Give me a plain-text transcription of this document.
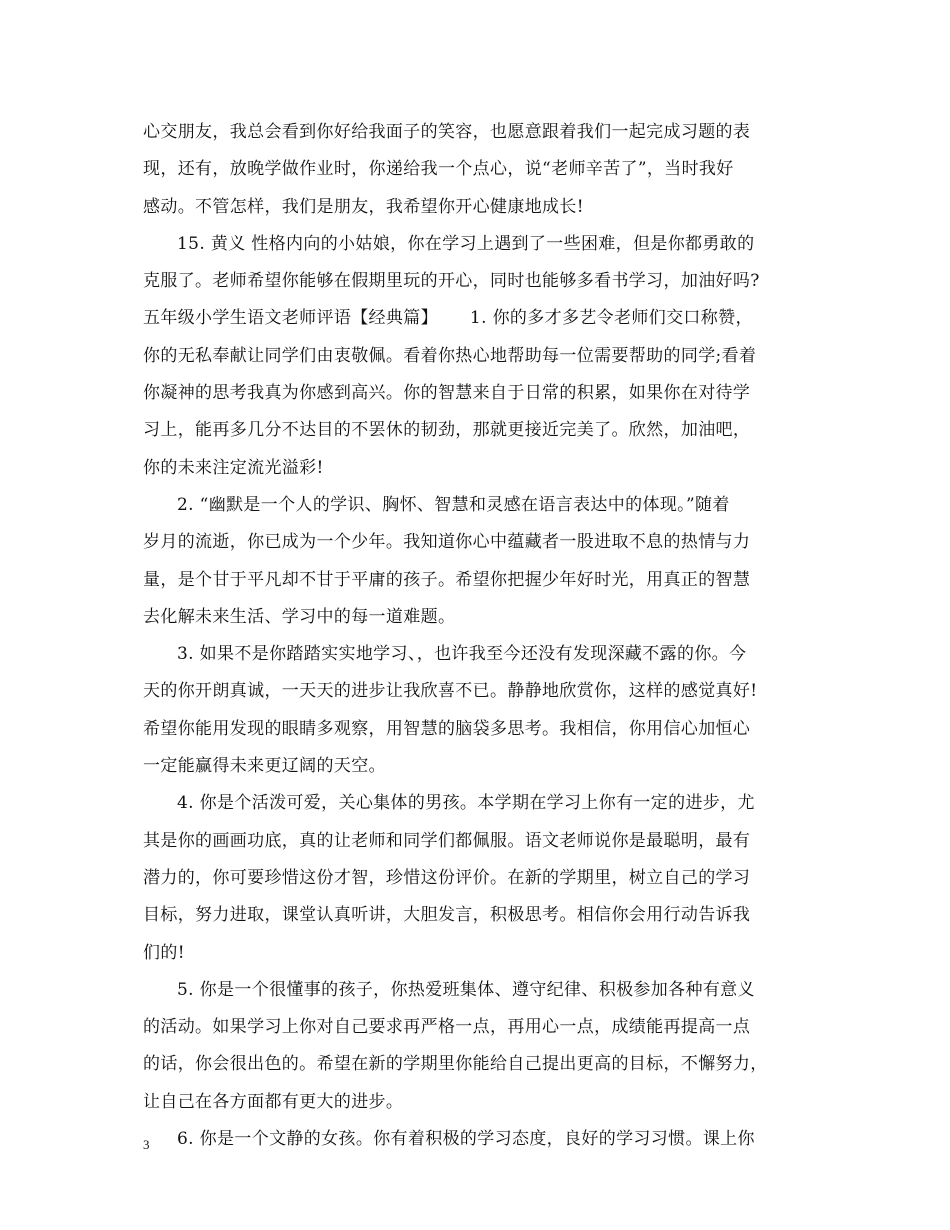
心交朋友，我总会看到你好给我面子的笑容，也愿意跟着我们一起完成习题的表
现，还有，放晚学做作业时，你递给我一个点心，说“老师辛苦了”，当时我好
感动。不管怎样，我们是朋友，我希望你开心健康地成长!
15. 黄义 性格内向的小姑娘，你在学习上遇到了一些困难，但是你都勇敢的
克服了。老师希望你能够在假期里玩的开心，同时也能够多看书学习，加油好吗?
五年级小学生语文老师评语【经典篇】　　 1. 你的多才多艺令老师们交口称赞，
你的无私奉献让同学们由衷敬佩。看着你热心地帮助每一位需要帮助的同学;看着
你凝神的思考我真为你感到高兴。你的智慧来自于日常的积累，如果你在对待学
习上，能再多几分不达目的不罢休的韧劲，那就更接近完美了。欣然，加油吧，
你的未来注定流光溢彩!
2. “幽默是一个人的学识、胸怀、智慧和灵感在语言表达中的体现。”随着
岁月的流逝，你已成为一个少年。我知道你心中蕴藏者一股进取不息的热情与力
量，是个甘于平凡却不甘于平庸的孩子。希望你把握少年好时光，用真正的智慧
去化解未来生活、学习中的每一道难题。
3. 如果不是你踏踏实实地学习、，也许我至今还没有发现深藏不露的你。今
天的你开朗真诚，一天天的进步让我欣喜不已。静静地欣赏你，这样的感觉真好!
希望你能用发现的眼睛多观察，用智慧的脑袋多思考。我相信，你用信心加恒心
一定能赢得未来更辽阔的天空。
4. 你是个活泼可爱，关心集体的男孩。本学期在学习上你有一定的进步，尤
其是你的画画功底，真的让老师和同学们都佩服。语文老师说你是最聪明，最有
潜力的，你可要珍惜这份才智，珍惜这份评价。在新的学期里，树立自己的学习
目标，努力进取，课堂认真听讲，大胆发言，积极思考。相信你会用行动告诉我
们的!
5. 你是一个很懂事的孩子，你热爱班集体、遵守纪律、积极参加各种有意义
的活动。如果学习上你对自己要求再严格一点，再用心一点，成绩能再提高一点
的话，你会很出色的。希望在新的学期里你能给自己提出更高的目标，不懈努力，
让自己在各方面都有更大的进步。
6. 你是一个文静的女孩。你有着积极的学习态度，良好的学习习惯。课上你
3
